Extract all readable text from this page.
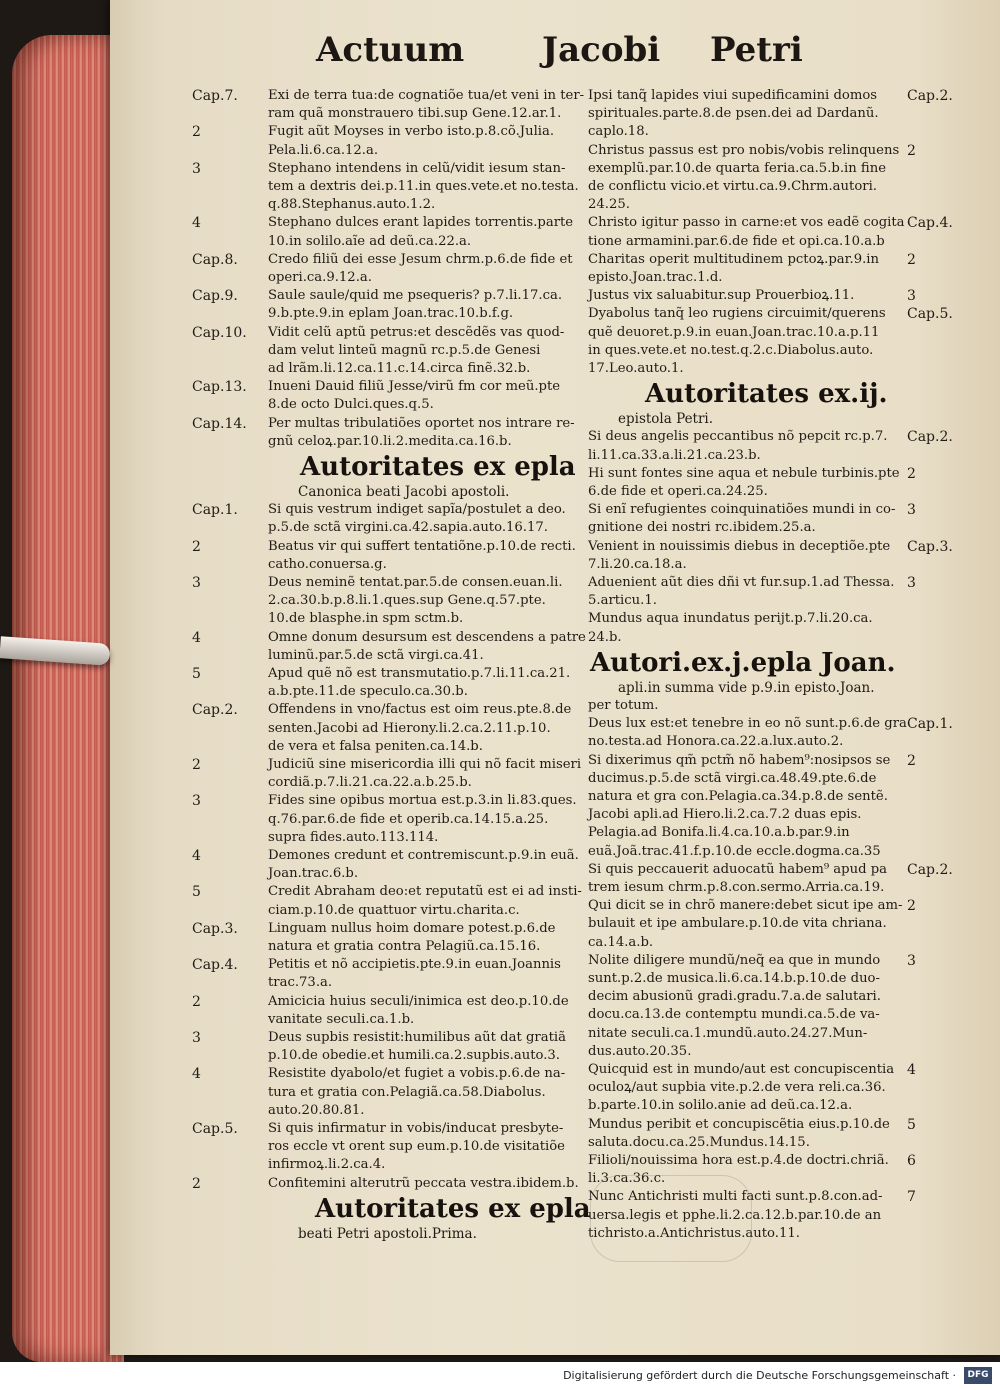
Actuum Jacobi Petri
Exi de terra tua:de cognatiõe tua/et veni in ter-
Cap.7.
ram quã monstrauero tibi.sup Gene.12.ar.1.
Fugit aũt Moyses in verbo isto.p.8.cõ.Julia.
2
Pela.li.6.ca.12.a.
Stephano intendens in celũ/vidit iesum stan-
3
tem a dextris dei.p.11.in ques.vete.et no.testa.
q.88.Stephanus.auto.1.2.
Stephano dulces erant lapides torrentis.parte
4
10.in solilo.aĩe ad deũ.ca.22.a.
Credo filiũ dei esse Jesum chrm.p.6.de fide et
Cap.8.
operi.ca.9.12.a.
Saule saule/quid me psequeris? p.7.li.17.ca.
Cap.9.
9.b.pte.9.in eplam Joan.trac.10.b.f.g.
Vidit celũ aptũ petrus:et descẽdẽs vas quod-
Cap.10.
dam velut linteũ magnũ rc.p.5.de Genesi
ad lrãm.li.12.ca.11.c.14.circa finẽ.32.b.
Inueni Dauid filiũ Jesse/virũ fm cor meũ.pte
Cap.13.
8.de octo Dulci.ques.q.5.
Per multas tribulatiões oportet nos intrare re-
Cap.14.
gnũ celoꝝ.par.10.li.2.medita.ca.16.b.
Autoritates ex epla
Canonica beati Jacobi apostoli.
Si quis vestrum indiget sapĩa/postulet a deo.
Cap.1.
p.5.de sctã virgini.ca.42.sapia.auto.16.17.
Beatus vir qui suffert tentatiõne.p.10.de recti.
2
catho.conuersa.g.
Deus neminẽ tentat.par.5.de consen.euan.li.
3
2.ca.30.b.p.8.li.1.ques.sup Gene.q.57.pte.
10.de blasphe.in spm sctm.b.
Omne donum desursum est descendens a patre
4
luminũ.par.5.de sctã virgi.ca.41.
Apud quẽ nõ est transmutatio.p.7.li.11.ca.21.
5
a.b.pte.11.de speculo.ca.30.b.
Offendens in vno/factus est oim reus.pte.8.de
Cap.2.
senten.Jacobi ad Hierony.li.2.ca.2.11.p.10.
de vera et falsa peniten.ca.14.b.
Judiciũ sine misericordia illi qui nõ facit miseri
2
cordiã.p.7.li.21.ca.22.a.b.25.b.
Fides sine opibus mortua est.p.3.in li.83.ques.
3
q.76.par.6.de fide et operib.ca.14.15.a.25.
supra fides.auto.113.114.
Demones credunt et contremiscunt.p.9.in euã.
4
Joan.trac.6.b.
Credit Abraham deo:et reputatũ est ei ad insti-
5
ciam.p.10.de quattuor virtu.charita.c.
Linguam nullus hoim domare potest.p.6.de
Cap.3.
natura et gratia contra Pelagiũ.ca.15.16.
Petitis et nõ accipietis.pte.9.in euan.Joannis
Cap.4.
trac.73.a.
Amicicia huius seculi/inimica est deo.p.10.de
2
vanitate seculi.ca.1.b.
Deus supbis resistit:humilibus aũt dat gratiã
3
p.10.de obedie.et humili.ca.2.supbis.auto.3.
Resistite dyabolo/et fugiet a vobis.p.6.de na-
4
tura et gratia con.Pelagiã.ca.58.Diabolus.
auto.20.80.81.
Si quis infirmatur in vobis/inducat presbyte-
Cap.5.
ros eccle vt orent sup eum.p.10.de visitatiõe
infirmoꝝ.li.2.ca.4.
Confitemini alterutrũ peccata vestra.ibidem.b.
2
Autoritates ex epla
beati Petri apostoli.Prima.
Ipsi tanq̃ lapides viui supedificamini domos Cap.2.
spirituales.parte.8.de psen.dei ad Dardanũ.
caplo.18.
Christus passus est pro nobis/vobis relinquens 2
exemplũ.par.10.de quarta feria.ca.5.b.in fine
de conflictu vicio.et virtu.ca.9.Chrm.autori.
24.25.
Christo igitur passo in carne:et vos eadẽ cogita Cap.4.
tione armamini.par.6.de fide et opi.ca.10.a.b
Charitas operit multitudinem pctoꝝ.par.9.in 2
episto.Joan.trac.1.d.
Justus vix saluabitur.sup Prouerbioꝝ.11.	3
Dyabolus tanq̃ leo rugiens circuimit/querens Cap.5.
quẽ deuoret.p.9.in euan.Joan.trac.10.a.p.11
in ques.vete.et no.test.q.2.c.Diabolus.auto.
17.Leo.auto.1.
Autoritates ex.ij.
epistola Petri.
Si deus angelis peccantibus nõ pepcit rc.p.7. Cap.2.
li.11.ca.33.a.li.21.ca.23.b.
Hi sunt fontes sine aqua et nebule turbinis.pte 2
6.de fide et operi.ca.24.25.
Si enĩ refugientes coinquinatiões mundi in co- 3
gnitione dei nostri rc.ibidem.25.a.
Venient in nouissimis diebus in deceptiõe.pte Cap.3.
7.li.20.ca.18.a.
Aduenient aũt dies dñi vt fur.sup.1.ad Thessa. 3
5.articu.1.
Mundus aqua inundatus perijt.p.7.li.20.ca.
24.b.
Autori.ex.j.epla Joan.
apli.in summa vide p.9.in episto.Joan.
per totum.
Deus lux est:et tenebre in eo nõ sunt.p.6.de gra Cap.1.
no.testa.ad Honora.ca.22.a.lux.auto.2.
Si dixerimus qm̃ pctm̃ nõ habem⁹:nosipsos se 2
ducimus.p.5.de sctã virgi.ca.48.49.pte.6.de
natura et gra con.Pelagia.ca.34.p.8.de sentẽ.
Jacobi apli.ad Hiero.li.2.ca.7.2 duas epis.
Pelagia.ad Bonifa.li.4.ca.10.a.b.par.9.in
euã.Joã.trac.41.f.p.10.de eccle.dogma.ca.35
Si quis peccauerit aduocatũ habem⁹ apud pa Cap.2.
trem iesum chrm.p.8.con.sermo.Arria.ca.19.
Qui dicit se in chrõ manere:debet sicut ipe am- 2
bulauit et ipe ambulare.p.10.de vita chriana.
ca.14.a.b.
Nolite diligere mundũ/neq̃ ea que in mundo 3
sunt.p.2.de musica.li.6.ca.14.b.p.10.de duo-
decim abusionũ gradi.gradu.7.a.de salutari.
docu.ca.13.de contemptu mundi.ca.5.de va-
nitate seculi.ca.1.mundũ.auto.24.27.Mun-
dus.auto.20.35.
Quicquid est in mundo/aut est concupiscentia 4
oculoꝝ/aut supbia vite.p.2.de vera reli.ca.36.
b.parte.10.in solilo.anie ad deũ.ca.12.a.
Mundus peribit et concupiscẽtia eius.p.10.de 5
saluta.docu.ca.25.Mundus.14.15.
Filioli/nouissima hora est.p.4.de doctri.chriã. 6
li.3.ca.36.c.
Nunc Antichristi multi facti sunt.p.8.con.ad- 7
uersa.legis et pphe.li.2.ca.12.b.par.10.de an
tichristo.a.Antichristus.auto.11.
Digitalisierung gefördert durch die Deutsche Forschungsgemeinschaft ·	DFG
